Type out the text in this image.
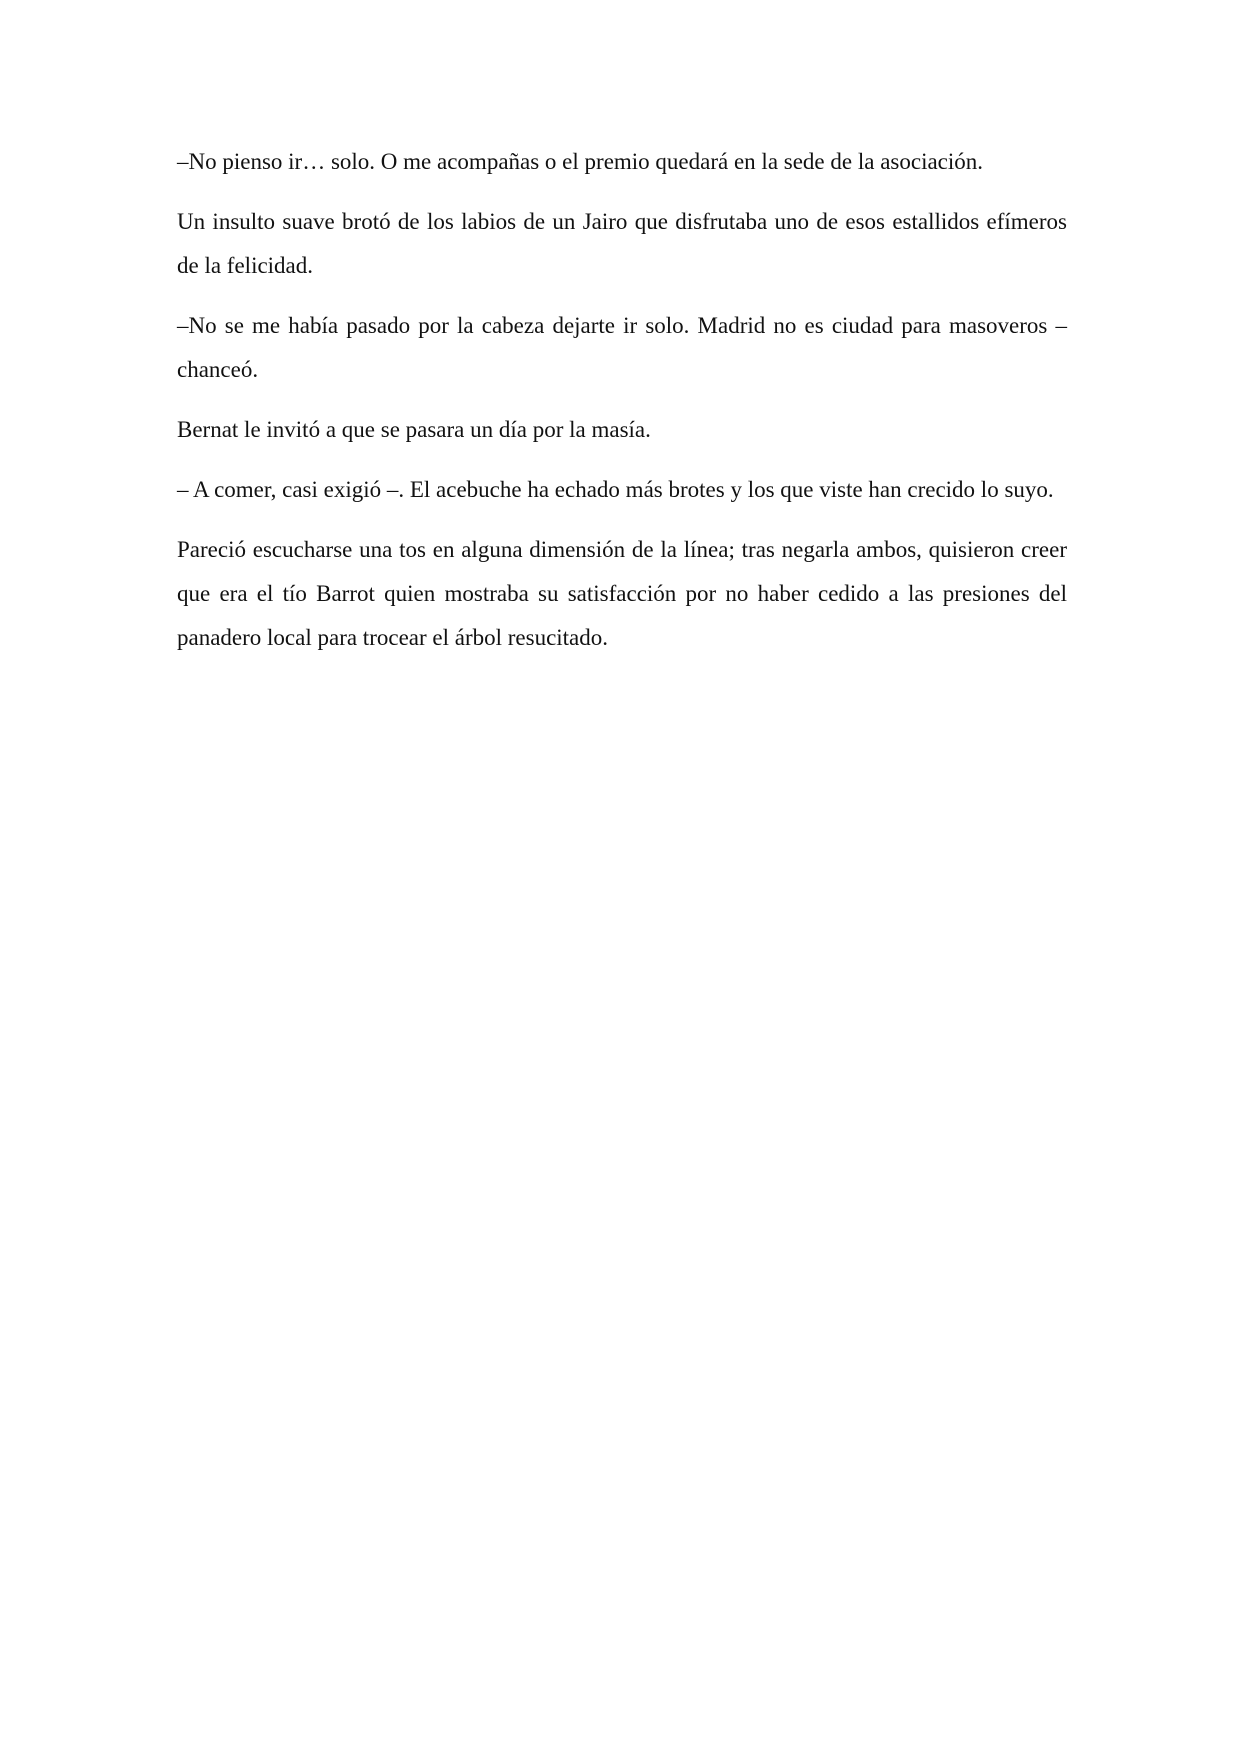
–No pienso ir… solo. O me acompañas o el premio quedará en la sede de la asociación.

Un insulto suave brotó de los labios de un Jairo que disfrutaba uno de esos estallidos efímeros de la felicidad.

–No se me había pasado por la cabeza dejarte ir solo. Madrid no es ciudad para masoveros –chanceó.

Bernat le invitó a que se pasara un día por la masía.

– A comer, casi exigió –. El acebuche ha echado más brotes y los que viste han crecido lo suyo.

Pareció escucharse una tos en alguna dimensión de la línea; tras negarla ambos, quisieron creer que era el tío Barrot quien mostraba su satisfacción por no haber cedido a las presiones del panadero local para trocear el árbol resucitado.
